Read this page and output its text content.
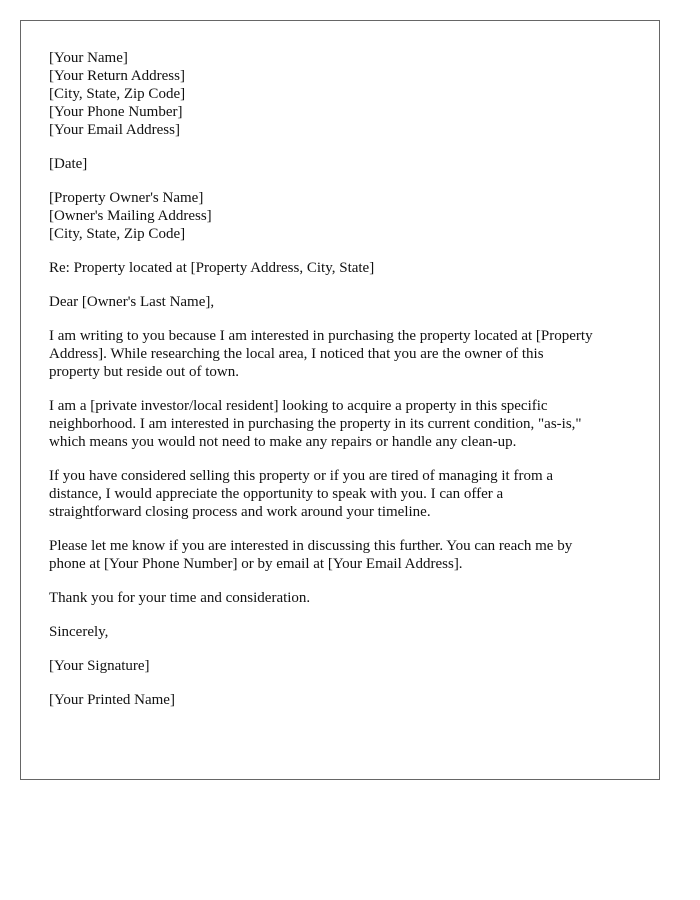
[Your Name]
[Your Return Address]
[City, State, Zip Code]
[Your Phone Number]
[Your Email Address]
[Date]
[Property Owner's Name]
[Owner's Mailing Address]
[City, State, Zip Code]
Re: Property located at [Property Address, City, State]
Dear [Owner's Last Name],
I am writing to you because I am interested in purchasing the property located at [Property
Address]. While researching the local area, I noticed that you are the owner of this
property but reside out of town.
I am a [private investor/local resident] looking to acquire a property in this specific
neighborhood. I am interested in purchasing the property in its current condition, "as-is,"
which means you would not need to make any repairs or handle any clean-up.
If you have considered selling this property or if you are tired of managing it from a
distance, I would appreciate the opportunity to speak with you. I can offer a
straightforward closing process and work around your timeline.
Please let me know if you are interested in discussing this further. You can reach me by
phone at [Your Phone Number] or by email at [Your Email Address].
Thank you for your time and consideration.
Sincerely,
[Your Signature]
[Your Printed Name]
